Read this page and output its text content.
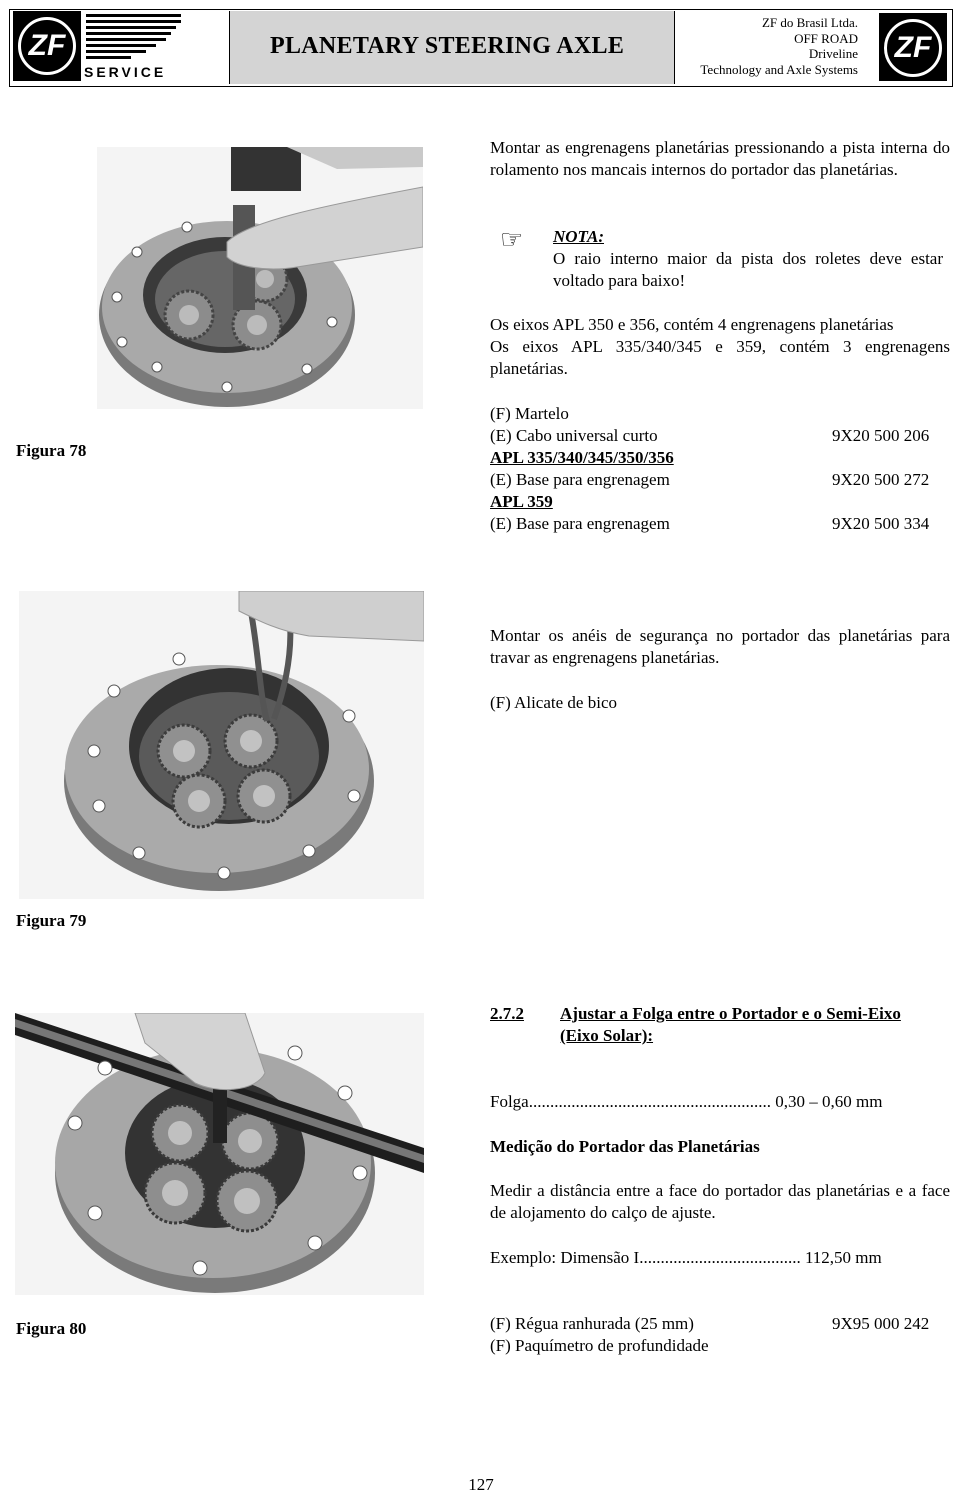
ZF
SERVICE
PLANETARY STEERING AXLE
ZF do Brasil Ltda.
OFF ROAD
Driveline
Technology and Axle Systems
ZF
Montar as engrenagens planetárias pressionando a pista interna do rolamento nos mancais internos do portador das planetárias.
☞ NOTA:
O raio interno maior da pista dos roletes deve estar voltado para baixo!
Os eixos APL 350 e 356, contém 4 engrenagens planetárias
Os eixos APL 335/340/345 e 359, contém 3 engrenagens planetárias.
(F) Martelo
(E) Cabo universal curto	9X20 500 206
APL 335/340/345/350/356
(E) Base para engrenagem	9X20 500 272
APL 359
(E) Base para engrenagem	9X20 500 334
Figura 78
Montar os anéis de segurança no portador das planetárias para travar as engrenagens planetárias.
(F) Alicate de bico
Figura 79
2.7.2 Ajustar a Folga entre o Portador e o Semi-Eixo
(Eixo Solar):
Folga......................................................... 0,30 – 0,60 mm
Medição do Portador das Planetárias
Medir a distância entre a face do portador das planetárias e a face de alojamento do calço de ajuste.
Exemplo: Dimensão I...................................... 112,50 mm
(F) Régua ranhurada (25 mm)	9X95 000 242
(F) Paquímetro de profundidade
Figura 80
127
